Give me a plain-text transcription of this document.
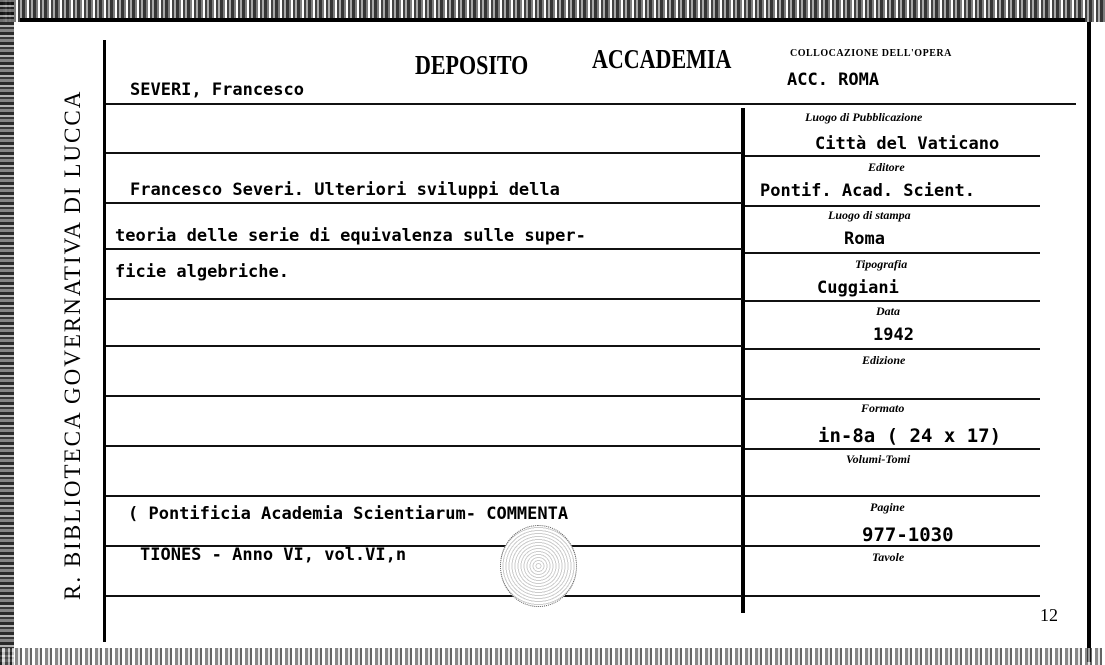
R. BIBLIOTECA GOVERNATIVA DI LUCCA
DEPOSITO	ACCADEMIA
SEVERI, Francesco
COLLOCAZIONE DELL'OPERA
ACC. ROMA
Francesco Severi. Ulteriori sviluppi della
teoria delle serie di equivalenza sulle super-
ficie algebriche.
( Pontificia Academia Scientiarum- COMMENTA
TIONES - Anno VI, vol.VI,n
Luogo di Pubblicazione
Città del Vaticano
Editore
Pontif. Acad. Scient.
Luogo di stampa
Roma
Tipografia
Cuggiani
Data
1942
Edizione
Formato
in-8a ( 24 x 17)
Volumi-Tomi
Pagine
977-1030
Tavole
12
